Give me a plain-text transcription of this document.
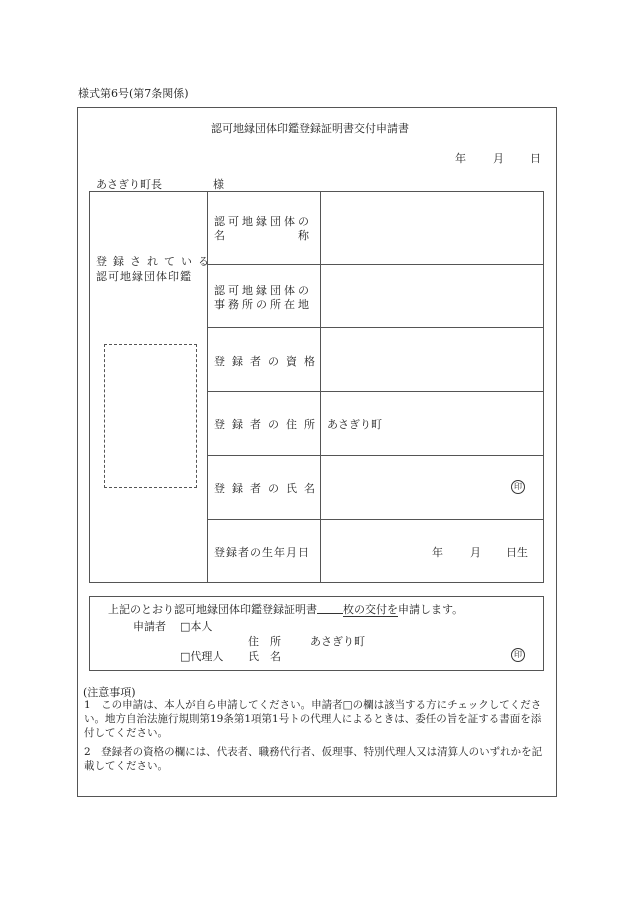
様式第6号(第7条関係)
認可地縁団体印鑑登録証明書交付申請書
年 月 日
あさぎり町長	様
登録されている
認可地縁団体印鑑
認可地縁団体の
名　　　　　称
認可地縁団体の
事務所の所在地
登録者の資格
登録者の住所 あさぎり町
登録者の氏名	印
登録者の生年月日	年 月 日生
上記のとおり認可地縁団体印鑑登録証明書 枚の交付を申請します。
申請者 □本人
住　所	あさぎり町
□代理人 氏　名	印
(注意事項)
1　この申請は、本人が自ら申請してください。申請者□の欄は該当する方にチェックしてください。地方自治法施行規則第19条第1項第1号トの代理人によるときは、委任の旨を証する書面を添付してください。
2　登録者の資格の欄には、代表者、職務代行者、仮理事、特別代理人又は清算人のいずれかを記載してください。
